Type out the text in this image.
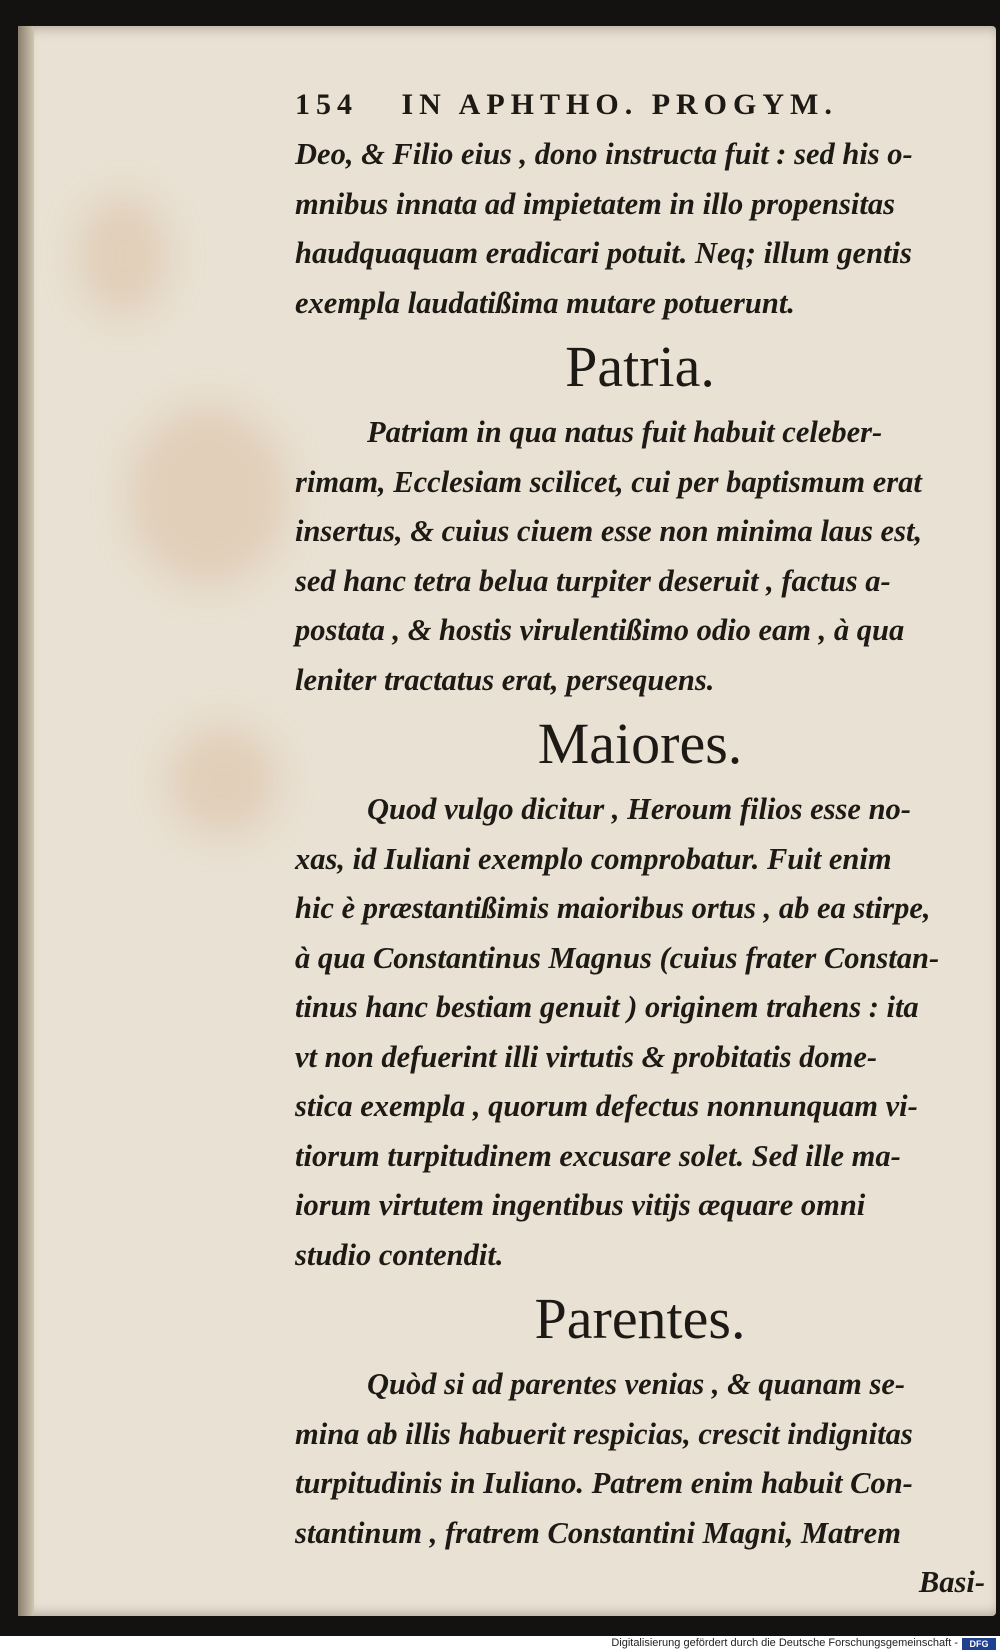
154 IN APHTHO. PROGYM.

Deo, & Filio eius , dono instructa fuit : sed his o-
mnibus innata ad impietatem in illo propensitas
haudquaquam eradicari potuit. Neq; illum gentis
exempla laudatißima mutare potuerunt.

Patria.

Patriam in qua natus fuit habuit celeber-
rimam, Ecclesiam scilicet, cui per baptismum erat
insertus, & cuius ciuem esse non minima laus est,
sed hanc tetra belua turpiter deseruit , factus a-
postata , & hostis virulentißimo odio eam , à qua
leniter tractatus erat, persequens.

Maiores.

Quod vulgo dicitur , Heroum filios esse no-
xas, id Iuliani exemplo comprobatur. Fuit enim
hic è præstantißimis maioribus ortus , ab ea stirpe,
à qua Constantinus Magnus (cuius frater Constan-
tinus hanc bestiam genuit ) originem trahens : ita
vt non defuerint illi virtutis & probitatis dome-
stica exempla , quorum defectus nonnunquam vi-
tiorum turpitudinem excusare solet. Sed ille ma-
iorum virtutem ingentibus vitijs æquare omni
studio contendit.

Parentes.

Quòd si ad parentes venias , & quanam se-
mina ab illis habuerit respicias, crescit indignitas
turpitudinis in Iuliano. Patrem enim habuit Con-
stantinum , fratrem Constantini Magni, Matrem
Basi-

Digitalisierung gefördert durch die Deutsche Forschungsgemeinschaft -	DFG
